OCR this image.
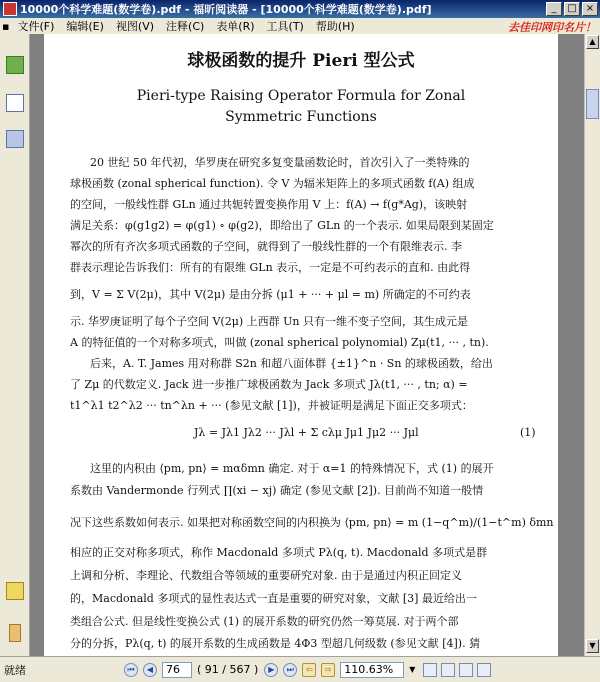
10000个科学难题(数学卷).pdf - 福昕阅读器 - [10000个科学难题(数学卷).pdf]	_	□ ×
▪ 文件(F)	编辑(E)	视图(V)	注释(C)	表单(R)	工具(T)	帮助(H)	去佳印网印名片！
球极函数的提升 Pieri 型公式
Pieri-type Raising Operator Formula for Zonal
Symmetric Functions
20 世纪 50 年代初，华罗庚在研究多复变量函数论时，首次引入了一类特殊的
球极函数 (zonal spherical function). 令 V 为辐米矩阵上的多项式函数 f(A) 组成
的空间，一般线性群 GLn 通过共轭转置变换作用 V 上：f(A) → f(g*Ag)，该映射
满足关系：φ(g1g2) = φ(g1) ∘ φ(g2)，即给出了 GLn 的一个表示. 如果局限到某固定
幂次的所有齐次多项式函数的子空间，就得到了一般线性群的一个有限维表示. 李
群表示理论告诉我们：所有的有限维 GLn 表示，一定是不可约表示的直和. 由此得
到，V = Σ V(2μ)，其中 V(2μ) 是由分拆 (μ1 + ··· + μl = m) 所确定的不可约表
示. 华罗庚证明了每个子空间 V(2μ) 上西群 Un 只有一维不变子空间，其生成元是
A 的特征值的一个对称多项式，叫做 (zonal spherical polynomial) Zμ(t1, ··· , tn).
后来，A. T. James 用对称群 S2n 和超八面体群 {±1}^n · Sn 的球极函数，给出
了 Zμ 的代数定义. Jack 进一步推广球极函数为 Jack 多项式 Jλ(t1, ··· , tn; α) =
t1^λ1 t2^λ2 ··· tn^λn + ··· (参见文献 [1])，并被证明是满足下面正交多项式：
Jλ = Jλ1 Jλ2 ··· Jλl + Σ cλμ Jμ1 Jμ2 ··· Jμl	(1)
这里的内积由 ⟨pm, pn⟩ = mαδmn 确定. 对于 α=1 的特殊情况下，式 (1) 的展开
系数由 Vandermonde 行列式 ∏(xi − xj) 确定 (参见文献 [2]). 目前尚不知道一般情
况下这些系数如何表示. 如果把对称函数空间的内积换为 ⟨pm, pn⟩ = m (1−q^m)/(1−t^m) δmn
相应的正交对称多项式，称作 Macdonald 多项式 Pλ(q, t). Macdonald 多项式是群
上调和分析、李理论、代数组合等领域的重要研究对象. 由于是通过内积正回定义
的，Macdonald 多项式的显性表达式一直是重要的研究对象，文献 [3] 最近给出一
类组合公式. 但是线性变换公式 (1) 的展开系数的研究仍然一筹莫展. 对于两个部
分的分拆，Pλ(q, t) 的展开系数的生成函数是 4Φ3 型超几何级数 (参见文献 [4]). 猜
▲
▼
就绪	⏮	◀	76	( 91 / 567 )	▶	⏭	⇦	⇨	110.63%	▼
